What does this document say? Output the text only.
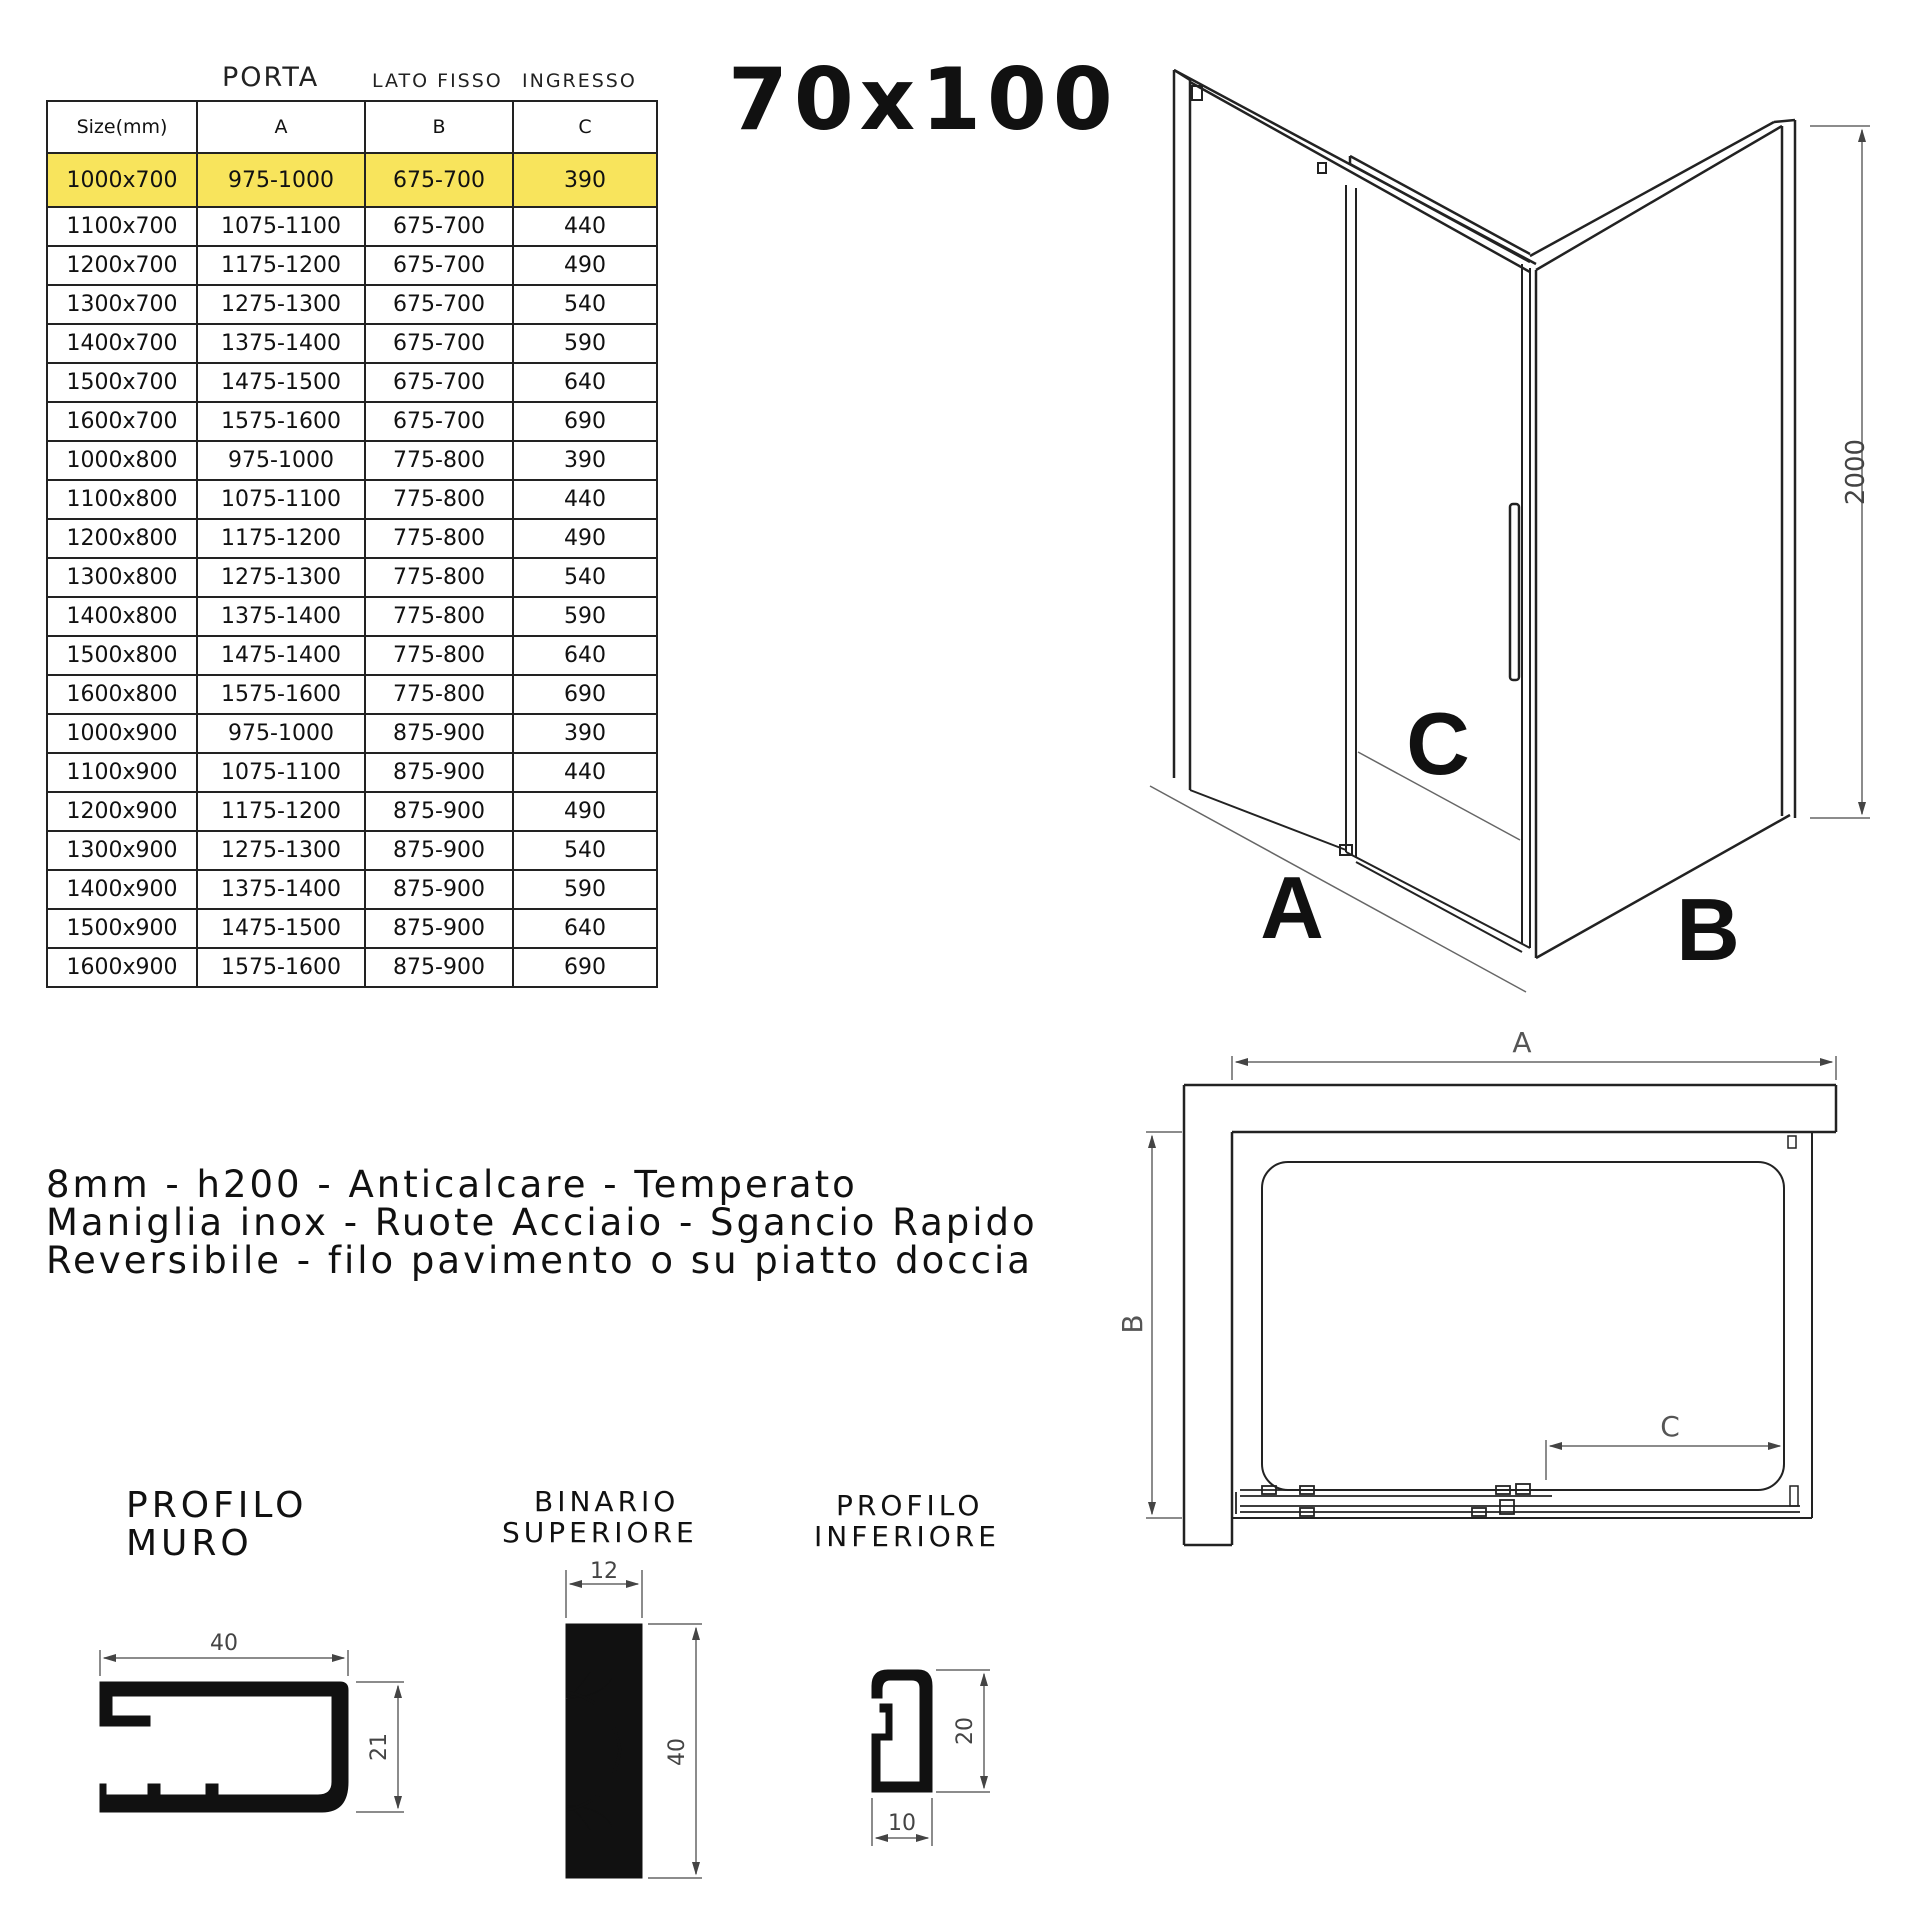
PORTA	LATO FISSO INGRESSO
Size(mm)	A	B	C
1000x700	975-1000	675-700	390
1100x700	1075-1100	675-700	440
1200x700	1175-1200	675-700	490
1300x700	1275-1300	675-700	540
1400x700	1375-1400	675-700	590
1500x700	1475-1500	675-700	640
1600x700	1575-1600	675-700	690
1000x800	975-1000	775-800	390
1100x800	1075-1100	775-800	440
1200x800	1175-1200	775-800	490
1300x800	1275-1300	775-800	540
1400x800	1375-1400	775-800	590
1500x800	1475-1400	775-800	640
1600x800	1575-1600	775-800	690
1000x900	975-1000	875-900	390
1100x900	1075-1100	875-900	440
1200x900	1175-1200	875-900	490
1300x900	1275-1300	875-900	540
1400x900	1375-1400	875-900	590
1500x900	1475-1500	875-900	640
1600x900	1575-1600	875-900	690
70x100
8mm - h200 - Anticalcare - Temperato
Maniglia inox - Ruote Acciaio - Sgancio Rapido
Reversibile - filo pavimento o su piatto doccia
PROFILO
MURO
BINARIO
SUPERIORE
PROFILO
INFERIORE
A	B
C
2000
A
B
C
40
21
12
40
20
10
